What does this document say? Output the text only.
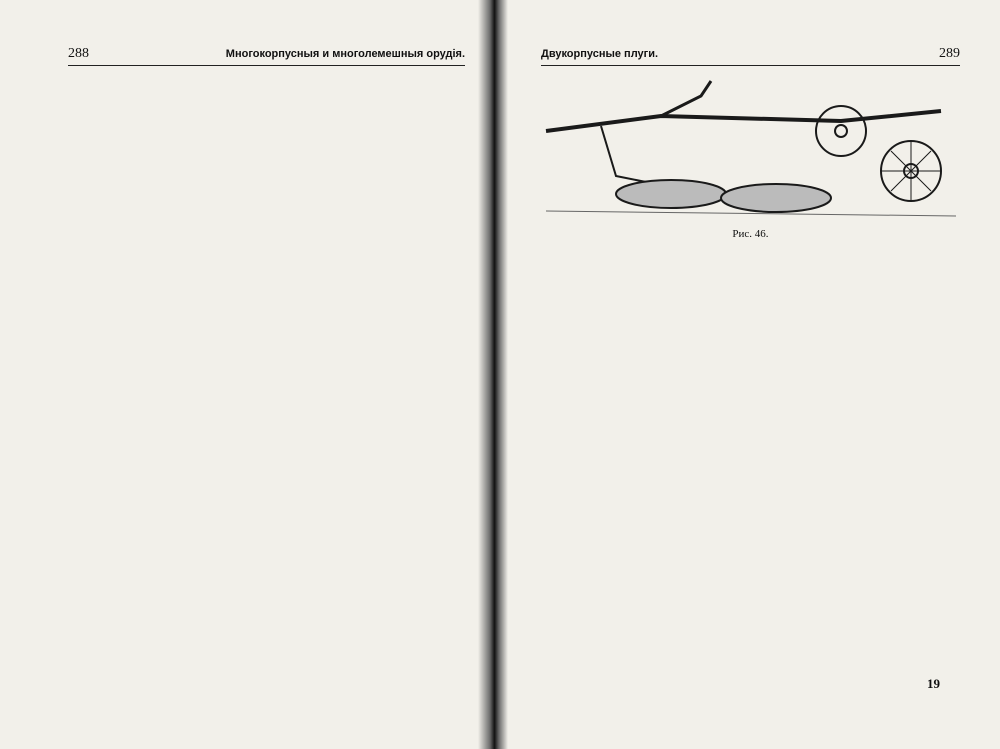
288	Многокорпусныя и многолемешныя орудія.	Двукорпусные плуги.	289
Рис. 46.
19
